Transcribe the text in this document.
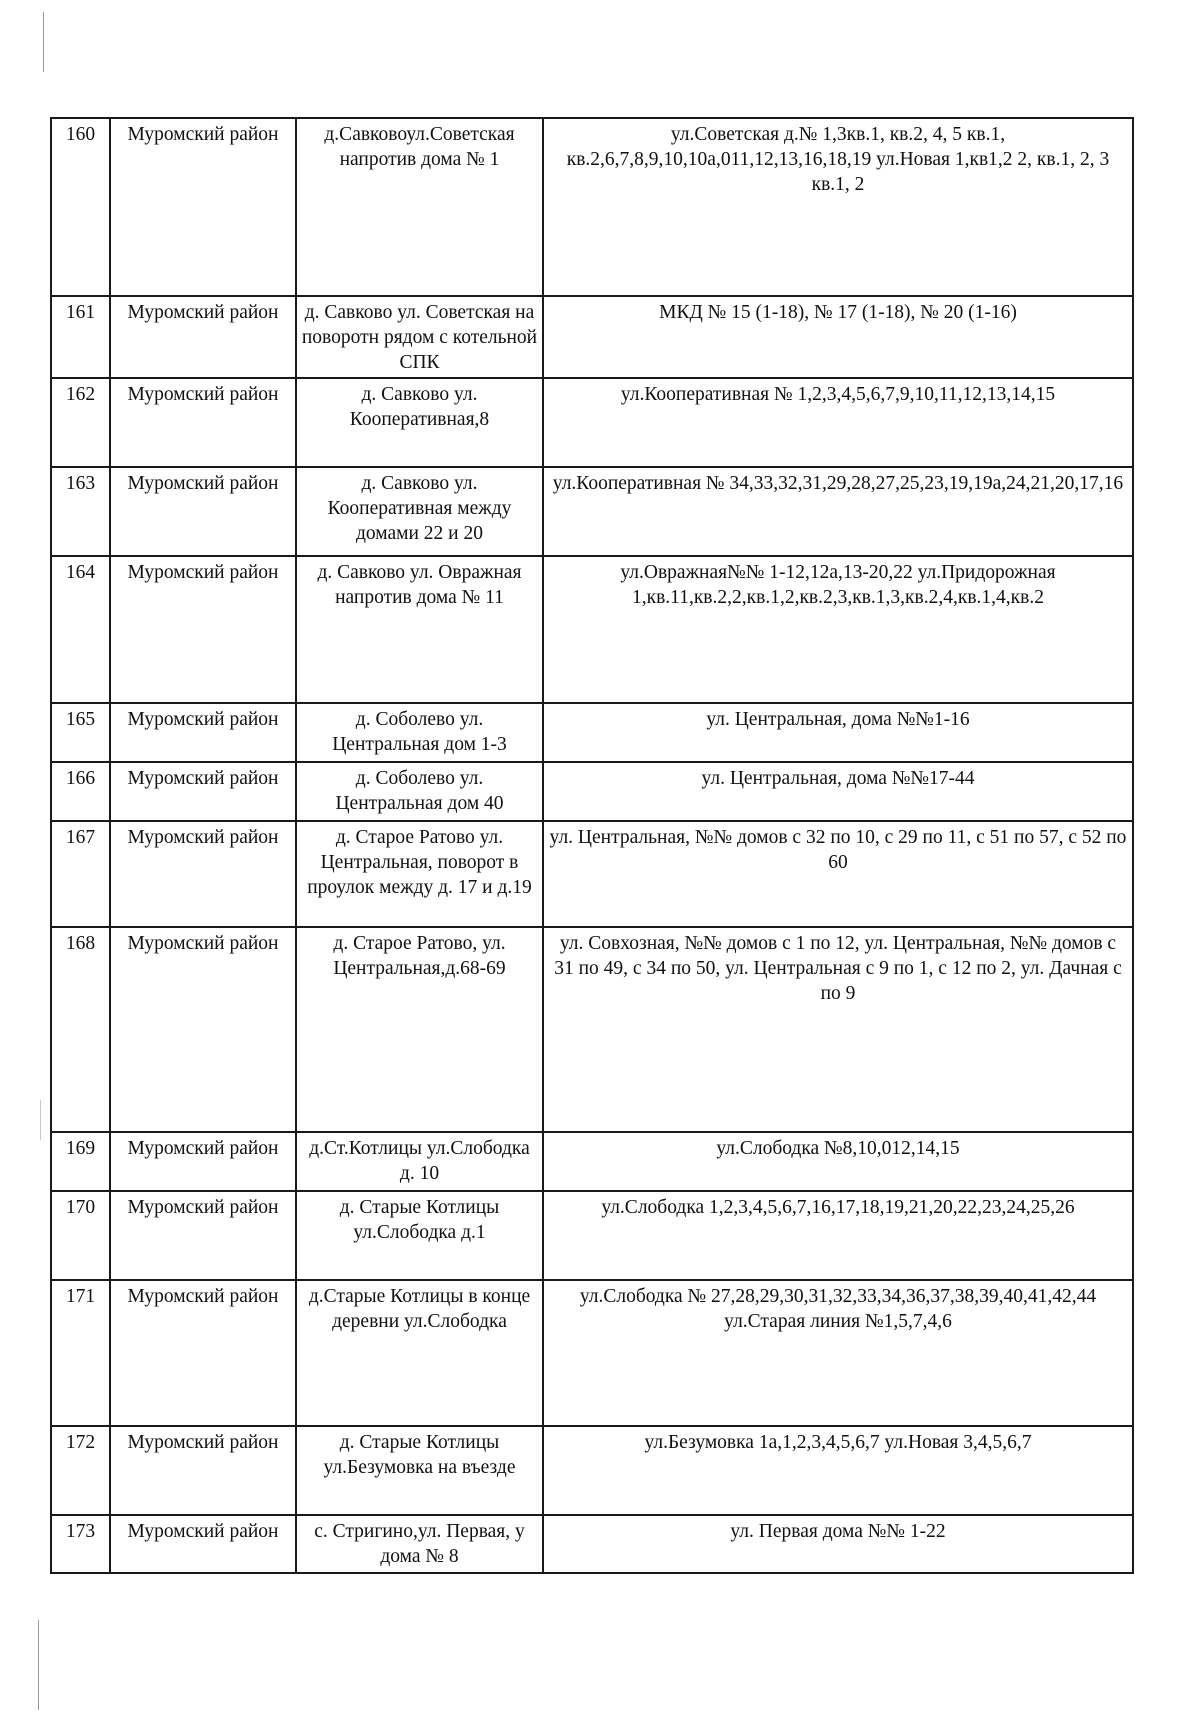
160	Муромский район	д.Савковоул.Советская напротив дома № 1	ул.Советская д.№ 1,3кв.1, кв.2, 4, 5 кв.1, кв.2,6,7,8,9,10,10а,011,12,13,16,18,19 ул.Новая 1,кв1,2 2, кв.1, 2, 3 кв.1, 2
161	Муромский район	д. Савково ул. Советская на поворотн рядом с котельной СПК	МКД № 15 (1-18), № 17 (1-18), № 20 (1-16)
162	Муромский район	д. Савково ул. Кооперативная,8	ул.Кооперативная № 1,2,3,4,5,6,7,9,10,11,12,13,14,15
163	Муромский район	д. Савково ул. Кооперативная между домами 22 и 20	ул.Кооперативная № 34,33,32,31,29,28,27,25,23,19,19а,24,21,20,17,16
164	Муромский район	д. Савково ул. Овражная напротив дома № 11	ул.Овражная№№ 1-12,12а,13-20,22 ул.Придорожная 1,кв.11,кв.2,2,кв.1,2,кв.2,3,кв.1,3,кв.2,4,кв.1,4,кв.2
165	Муромский район	д. Соболево ул. Центральная дом 1-3	ул. Центральная, дома №№1-16
166	Муромский район	д. Соболево ул. Центральная дом 40	ул. Центральная, дома №№17-44
167	Муромский район	д. Старое Ратово ул. Центральная, поворот в проулок между д. 17 и д.19	ул. Центральная, №№ домов с 32 по 10, с 29 по 11, с 51 по 57, с 52 по 60
168	Муромский район	д. Старое Ратово, ул. Центральная,д.68-69	ул. Совхозная, №№ домов с 1 по 12, ул. Центральная, №№ домов с 31 по 49, с 34 по 50, ул. Центральная с 9 по 1, с 12 по 2, ул. Дачная с по 9
169	Муромский район	д.Ст.Котлицы ул.Слободка д. 10	ул.Слободка №8,10,012,14,15
170	Муромский район	д. Старые Котлицы ул.Слободка д.1	ул.Слободка 1,2,3,4,5,6,7,16,17,18,19,21,20,22,23,24,25,26
171	Муромский район	д.Старые Котлицы в конце деревни ул.Слободка	ул.Слободка № 27,28,29,30,31,32,33,34,36,37,38,39,40,41,42,44 ул.Старая линия №1,5,7,4,6
172	Муромский район	д. Старые Котлицы ул.Безумовка на въезде	ул.Безумовка 1а,1,2,3,4,5,6,7 ул.Новая 3,4,5,6,7
173	Муромский район	с. Стригино,ул. Первая, у дома № 8	ул. Первая дома №№ 1-22
